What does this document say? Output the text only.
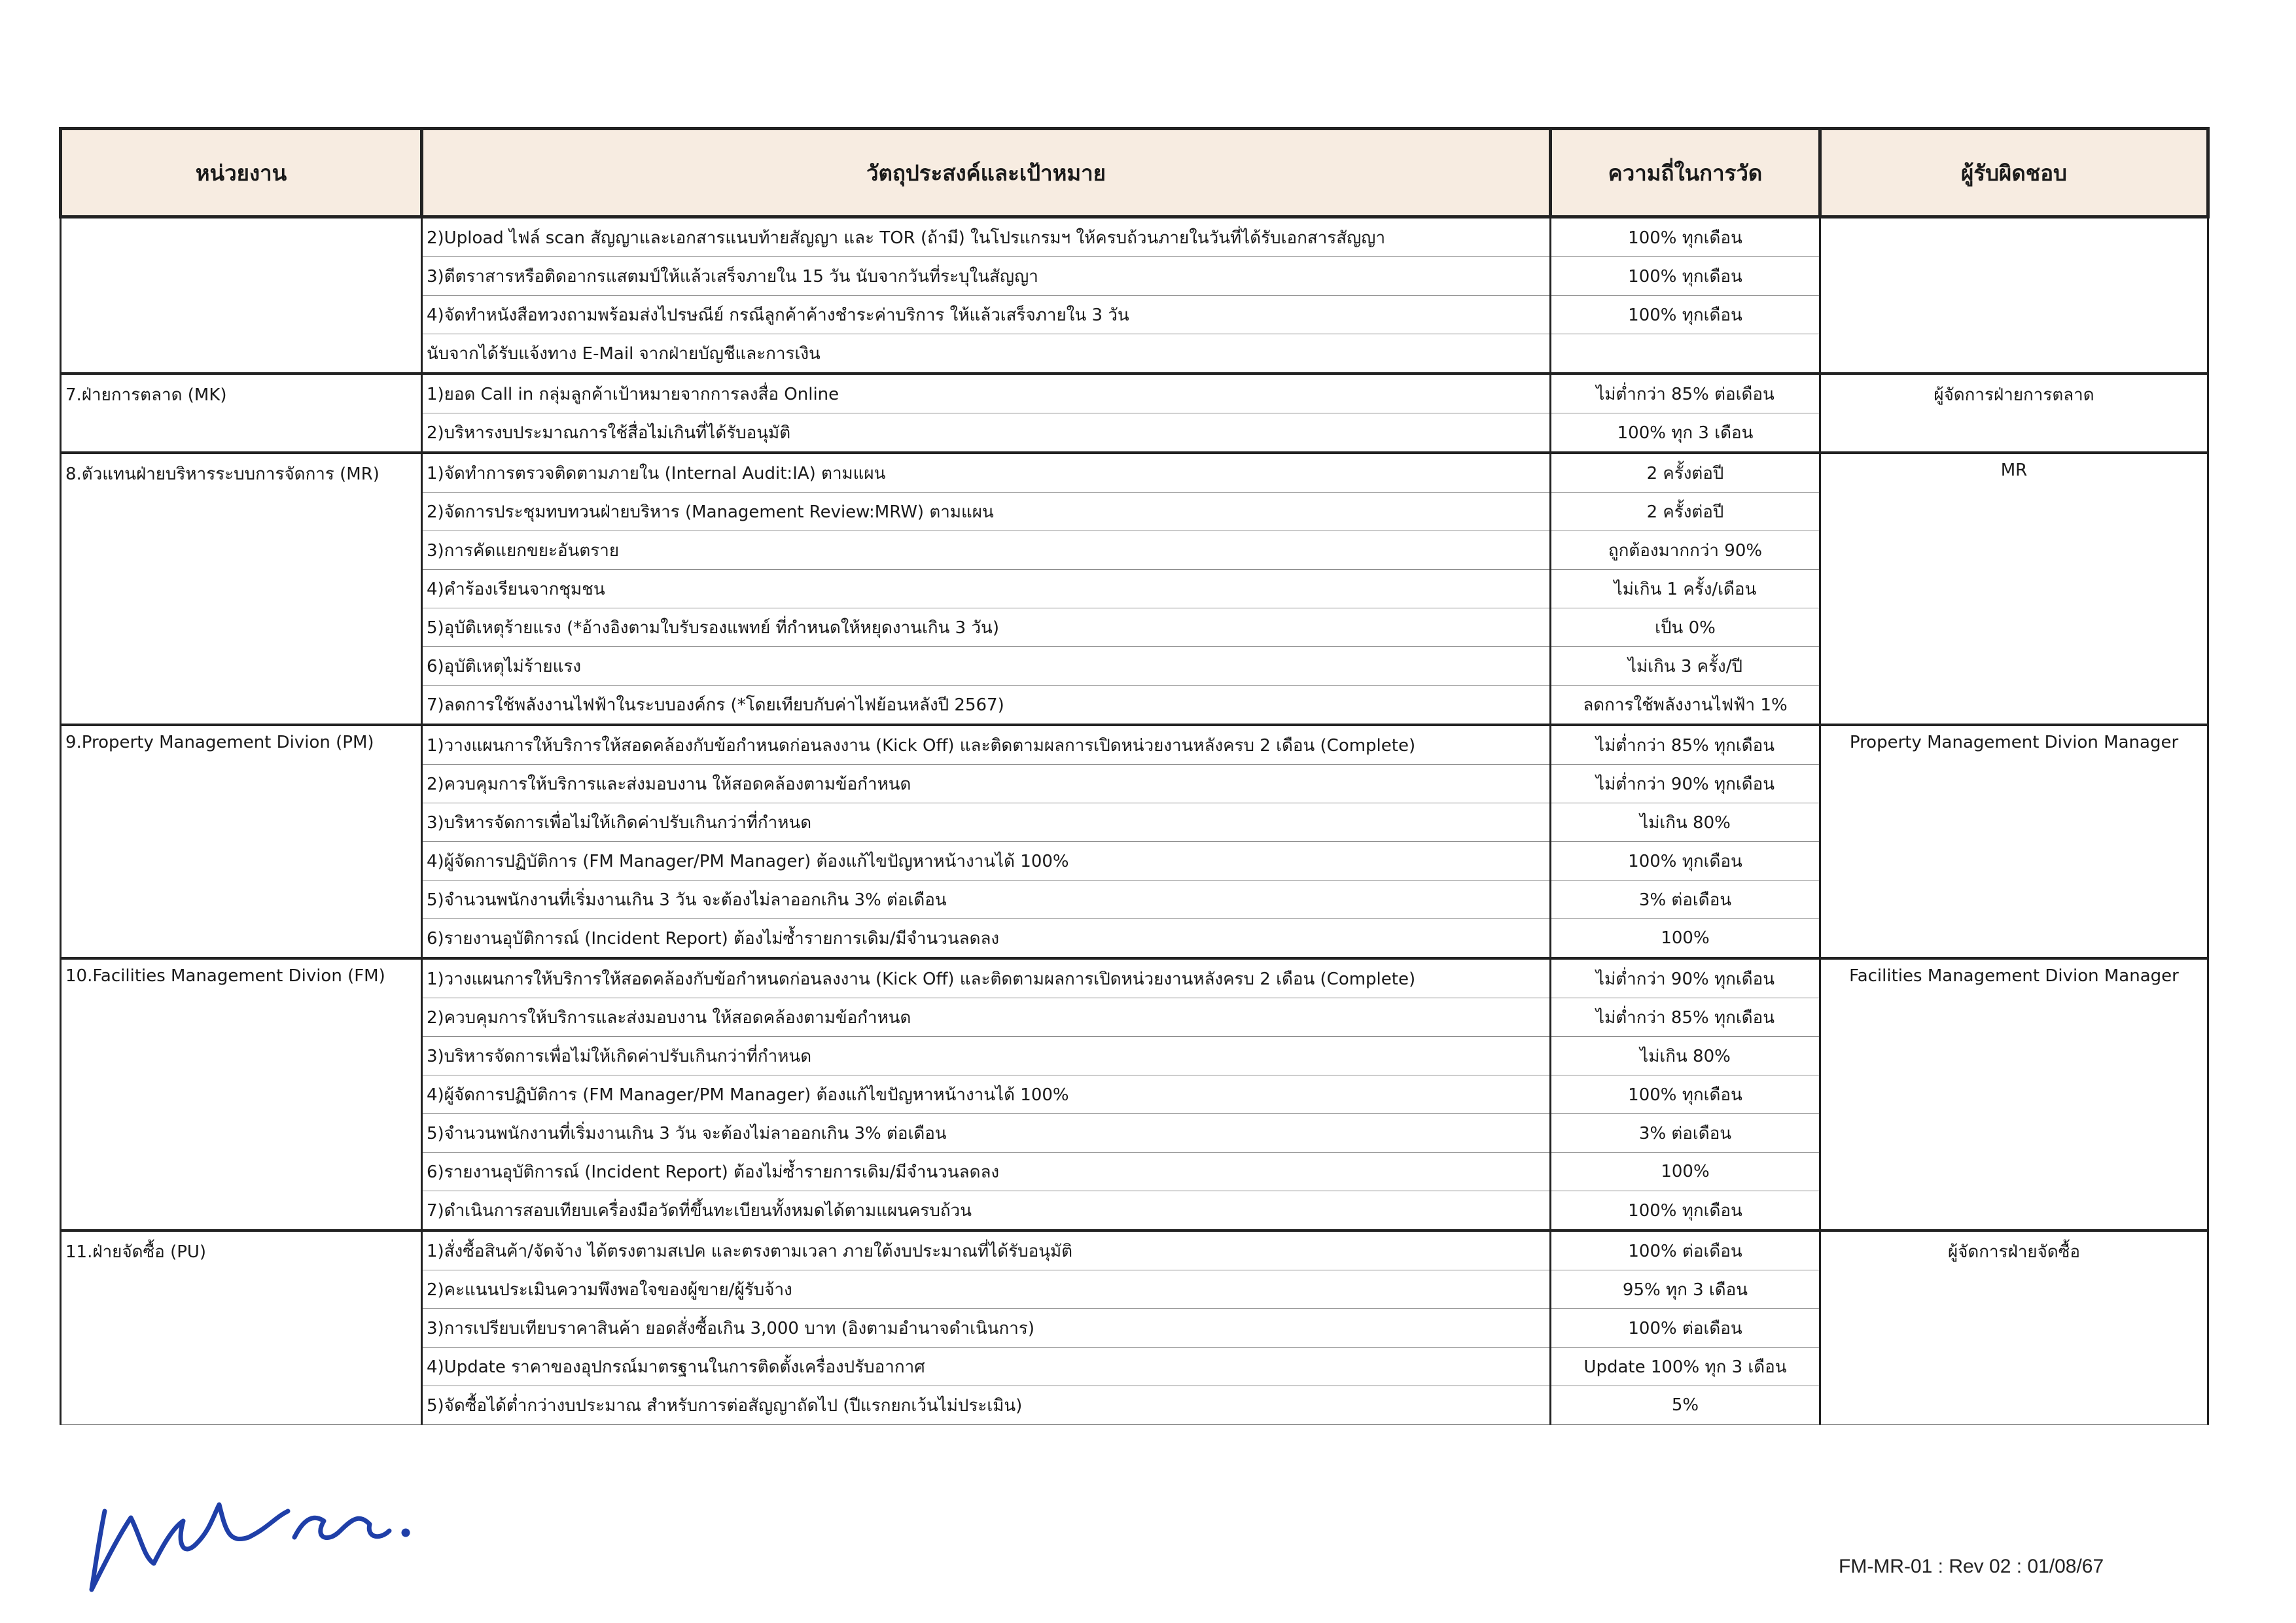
หน่วยงาน	วัตถุประสงค์และเป้าหมาย	ความถี่ในการวัด	ผู้รับผิดชอบ
	2)Upload ไฟล์ scan สัญญาและเอกสารแนบท้ายสัญญา และ TOR (ถ้ามี) ในโปรแกรมฯ ให้ครบถ้วนภายในวันที่ได้รับเอกสารสัญญา	100% ทุกเดือน	
	3)ตีตราสารหรือติดอากรแสตมป์ให้แล้วเสร็จภายใน 15 วัน นับจากวันที่ระบุในสัญญา	100% ทุกเดือน	
	4)จัดทำหนังสือทวงถามพร้อมส่งไปรษณีย์ กรณีลูกค้าค้างชำระค่าบริการ ให้แล้วเสร็จภายใน 3 วัน	100% ทุกเดือน	
	นับจากได้รับแจ้งทาง E-Mail จากฝ่ายบัญชีและการเงิน		
7.ฝ่ายการตลาด (MK)	1)ยอด Call in กลุ่มลูกค้าเป้าหมายจากการลงสื่อ Online	ไม่ต่ำกว่า 85% ต่อเดือน	ผู้จัดการฝ่ายการตลาด
	2)บริหารงบประมาณการใช้สื่อไม่เกินที่ได้รับอนุมัติ	100% ทุก 3 เดือน	
8.ตัวแทนฝ่ายบริหารระบบการจัดการ (MR)	1)จัดทำการตรวจติดตามภายใน (Internal Audit:IA) ตามแผน	2 ครั้งต่อปี	MR
	2)จัดการประชุมทบทวนฝ่ายบริหาร (Management Review:MRW) ตามแผน	2 ครั้งต่อปี	
	3)การคัดแยกขยะอันตราย	ถูกต้องมากกว่า 90%	
	4)คำร้องเรียนจากชุมชน	ไม่เกิน 1 ครั้ง/เดือน	
	5)อุบัติเหตุร้ายแรง (*อ้างอิงตามใบรับรองแพทย์ ที่กำหนดให้หยุดงานเกิน 3 วัน)	เป็น 0%	
	6)อุบัติเหตุไม่ร้ายแรง	ไม่เกิน 3 ครั้ง/ปี	
	7)ลดการใช้พลังงานไฟฟ้าในระบบองค์กร (*โดยเทียบกับค่าไฟย้อนหลังปี 2567)	ลดการใช้พลังงานไฟฟ้า 1%	
9.Property Management Divion (PM)	1)วางแผนการให้บริการให้สอดคล้องกับข้อกำหนดก่อนลงงาน (Kick Off) และติดตามผลการเปิดหน่วยงานหลังครบ 2 เดือน (Complete)	ไม่ต่ำกว่า 85% ทุกเดือน	Property Management Divion Manager
	2)ควบคุมการให้บริการและส่งมอบงาน ให้สอดคล้องตามข้อกำหนด	ไม่ต่ำกว่า 90% ทุกเดือน	
	3)บริหารจัดการเพื่อไม่ให้เกิดค่าปรับเกินกว่าที่กำหนด	ไม่เกิน 80%	
	4)ผู้จัดการปฏิบัติการ (FM Manager/PM Manager) ต้องแก้ไขปัญหาหน้างานได้ 100%	100% ทุกเดือน	
	5)จำนวนพนักงานที่เริ่มงานเกิน 3 วัน จะต้องไม่ลาออกเกิน 3% ต่อเดือน	3% ต่อเดือน	
	6)รายงานอุบัติการณ์ (Incident Report) ต้องไม่ซ้ำรายการเดิม/มีจำนวนลดลง	100%	
10.Facilities Management Divion (FM)	1)วางแผนการให้บริการให้สอดคล้องกับข้อกำหนดก่อนลงงาน (Kick Off) และติดตามผลการเปิดหน่วยงานหลังครบ 2 เดือน (Complete)	ไม่ต่ำกว่า 90% ทุกเดือน	Facilities Management Divion Manager
	2)ควบคุมการให้บริการและส่งมอบงาน ให้สอดคล้องตามข้อกำหนด	ไม่ต่ำกว่า 85% ทุกเดือน	
	3)บริหารจัดการเพื่อไม่ให้เกิดค่าปรับเกินกว่าที่กำหนด	ไม่เกิน 80%	
	4)ผู้จัดการปฏิบัติการ (FM Manager/PM Manager) ต้องแก้ไขปัญหาหน้างานได้ 100%	100% ทุกเดือน	
	5)จำนวนพนักงานที่เริ่มงานเกิน 3 วัน จะต้องไม่ลาออกเกิน 3% ต่อเดือน	3% ต่อเดือน	
	6)รายงานอุบัติการณ์ (Incident Report) ต้องไม่ซ้ำรายการเดิม/มีจำนวนลดลง	100%	
	7)ดำเนินการสอบเทียบเครื่องมือวัดที่ขึ้นทะเบียนทั้งหมดได้ตามแผนครบถ้วน	100% ทุกเดือน	
11.ฝ่ายจัดซื้อ (PU)	1)สั่งซื้อสินค้า/จัดจ้าง ได้ตรงตามสเปค และตรงตามเวลา ภายใต้งบประมาณที่ได้รับอนุมัติ	100% ต่อเดือน	ผู้จัดการฝ่ายจัดซื้อ
	2)คะแนนประเมินความพึงพอใจของผู้ขาย/ผู้รับจ้าง	95% ทุก 3 เดือน	
	3)การเปรียบเทียบราคาสินค้า ยอดสั่งซื้อเกิน 3,000 บาท (อิงตามอำนาจดำเนินการ)	100% ต่อเดือน	
	4)Update ราคาของอุปกรณ์มาตรฐานในการติดตั้งเครื่องปรับอากาศ	Update 100% ทุก 3 เดือน	
	5)จัดซื้อได้ต่ำกว่างบประมาณ สำหรับการต่อสัญญาถัดไป (ปีแรกยกเว้นไม่ประเมิน)	5%	
FM-MR-01 : Rev 02 : 01/08/67
